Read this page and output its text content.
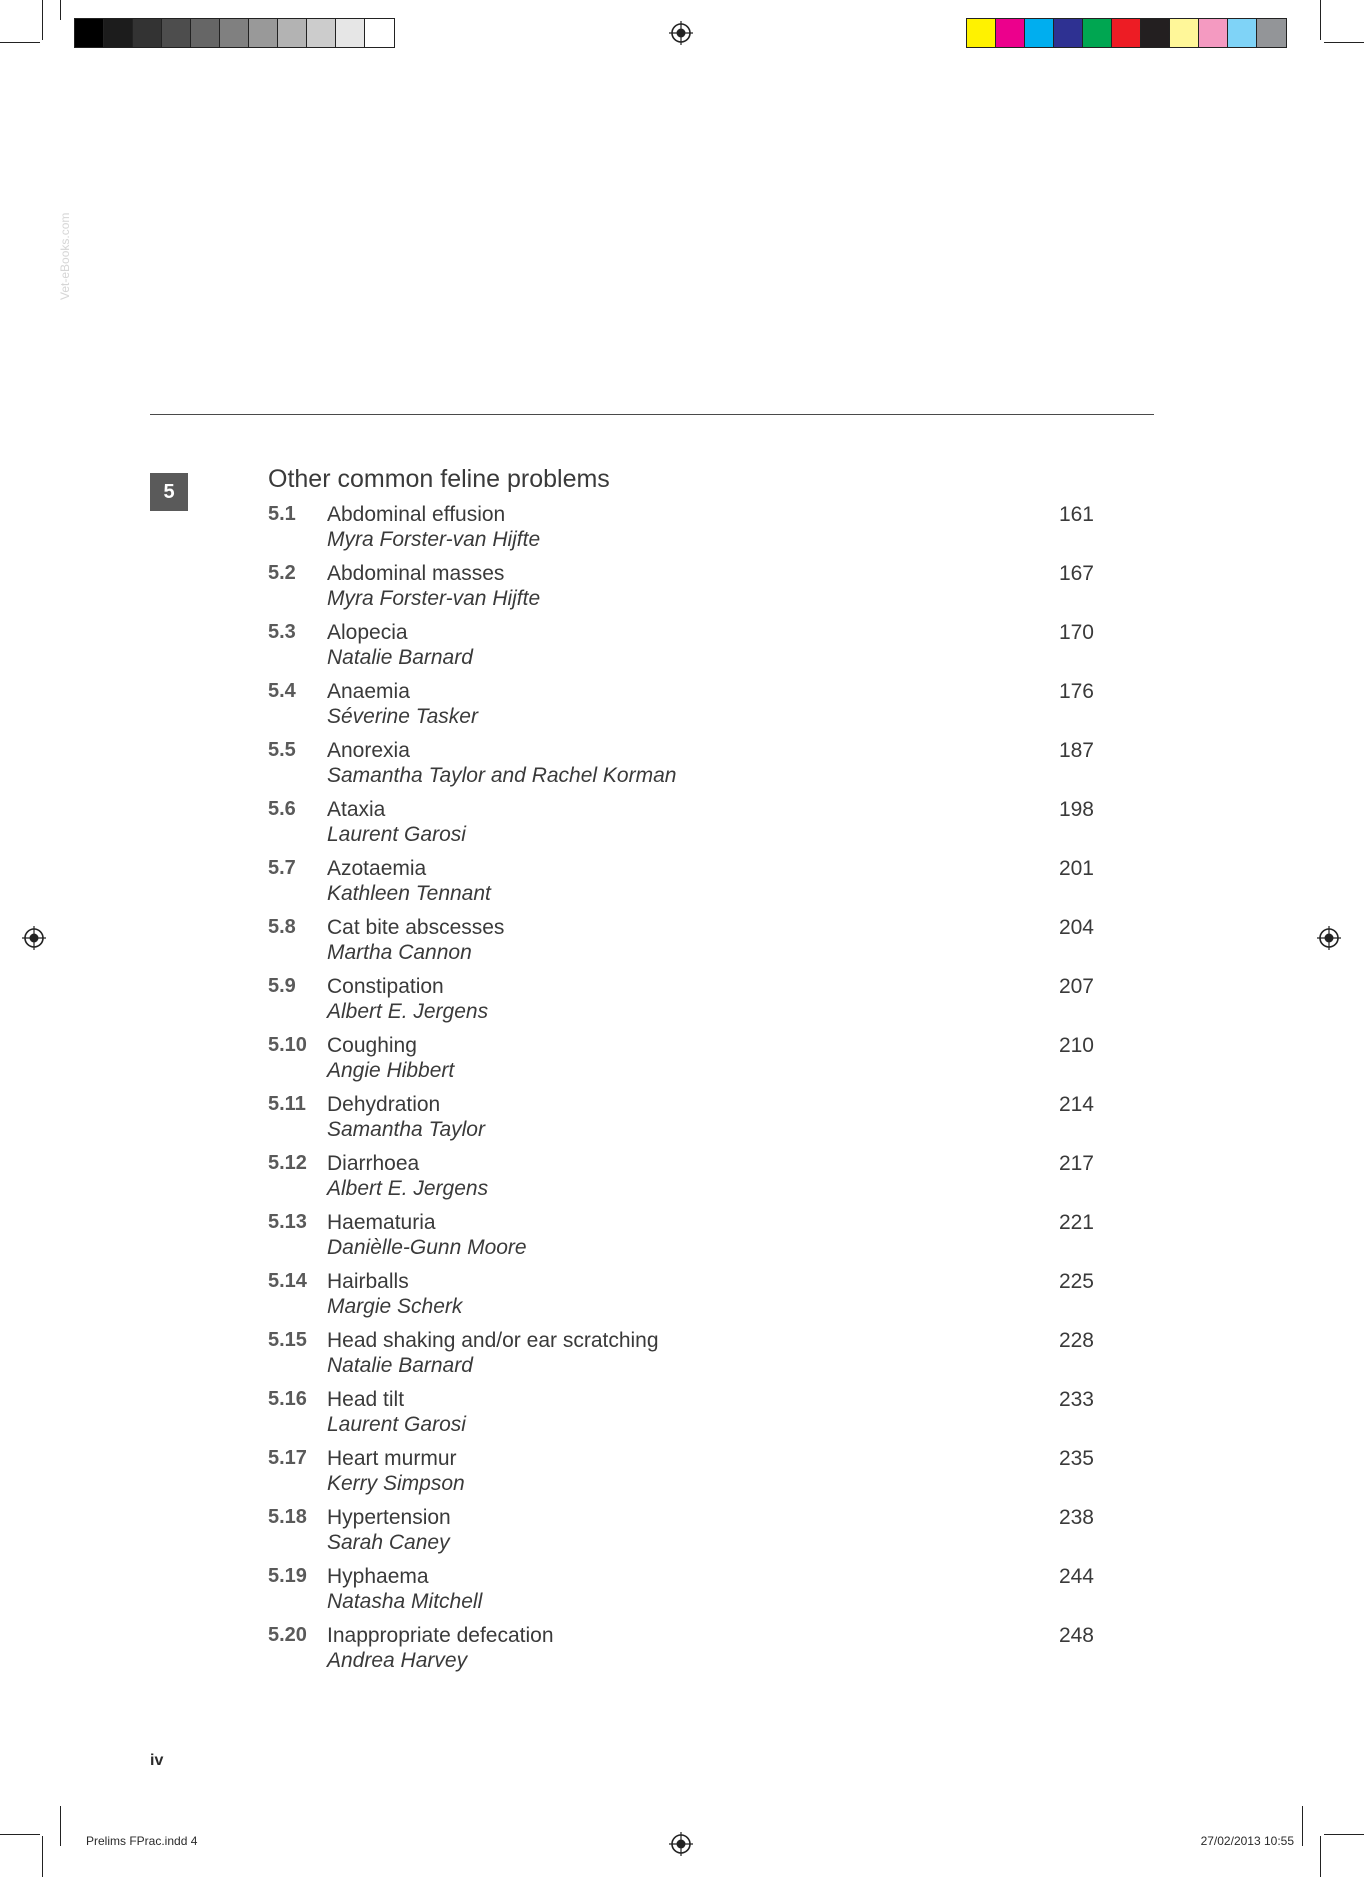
Vet-eBooks.com
5	Other common feline problems
5.1 Abdominal effusion
Myra Forster-van Hijfte
161
5.2 Abdominal masses
Myra Forster-van Hijfte
167
5.3 Alopecia
Natalie Barnard
170
5.4 Anaemia
Séverine Tasker
176
5.5 Anorexia
Samantha Taylor and Rachel Korman
187
5.6 Ataxia
Laurent Garosi
198
5.7 Azotaemia
Kathleen Tennant
201
5.8 Cat bite abscesses
Martha Cannon
204
5.9 Constipation
Albert E. Jergens
207
5.10 Coughing
Angie Hibbert
210
5.11 Dehydration
Samantha Taylor
214
5.12 Diarrhoea
Albert E. Jergens
217
5.13 Haematuria
Danièlle-Gunn Moore
221
5.14 Hairballs
Margie Scherk
225
5.15 Head shaking and/or ear scratching
Natalie Barnard
228
5.16 Head tilt
Laurent Garosi
233
5.17 Heart murmur
Kerry Simpson
235
5.18 Hypertension
Sarah Caney
238
5.19 Hyphaema
Natasha Mitchell
244
5.20 Inappropriate defecation
Andrea Harvey
248
iv
Prelims FPrac.indd 4	27/02/2013 10:55
